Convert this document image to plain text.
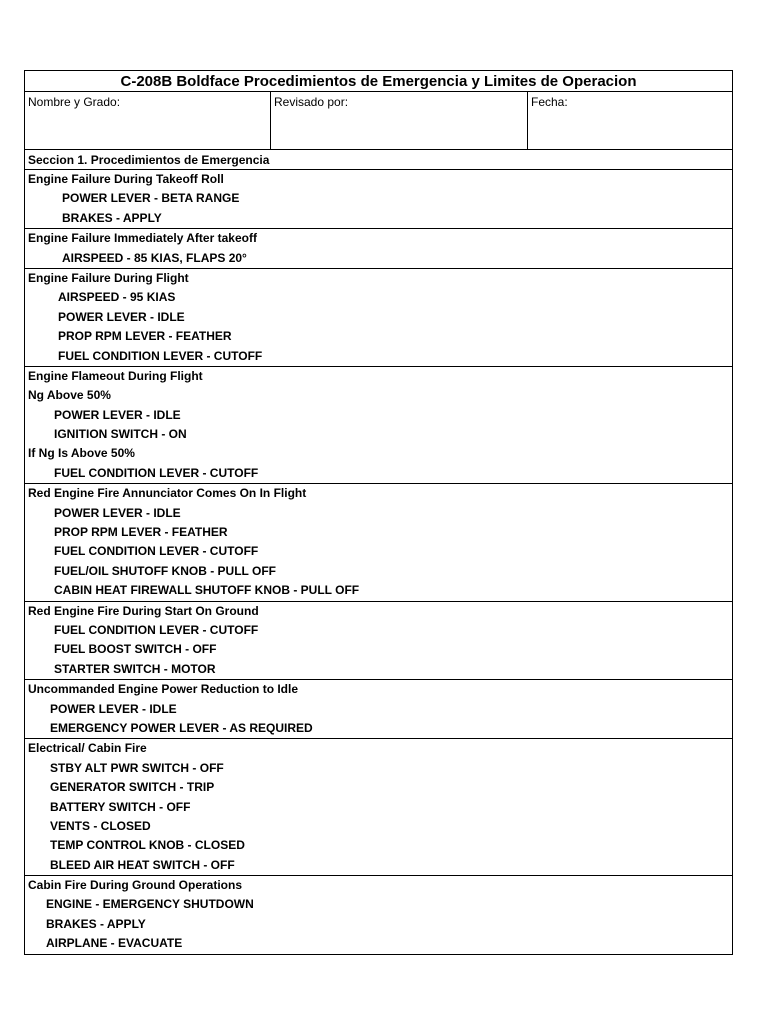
C-208B Boldface Procedimientos de Emergencia y Limites de Operacion
Nombre y Grado:	Revisado por:	Fecha:
Seccion 1. Procedimientos de Emergencia
Engine Failure During Takeoff Roll
POWER LEVER - BETA RANGE
BRAKES - APPLY
Engine Failure Immediately After takeoff
AIRSPEED - 85 KIAS, FLAPS 20°
Engine Failure During Flight
AIRSPEED - 95 KIAS
POWER LEVER - IDLE
PROP RPM LEVER - FEATHER
FUEL CONDITION LEVER - CUTOFF
Engine Flameout During Flight
Ng Above 50%
POWER LEVER - IDLE
IGNITION SWITCH - ON
If Ng Is Above 50%
FUEL CONDITION LEVER - CUTOFF
Red Engine Fire Annunciator Comes On In Flight
POWER LEVER - IDLE
PROP RPM LEVER - FEATHER
FUEL CONDITION LEVER - CUTOFF
FUEL/OIL SHUTOFF KNOB - PULL OFF
CABIN HEAT FIREWALL SHUTOFF KNOB - PULL OFF
Red Engine Fire During Start On Ground
FUEL CONDITION LEVER - CUTOFF
FUEL BOOST SWITCH - OFF
STARTER SWITCH - MOTOR
Uncommanded Engine Power Reduction to Idle
POWER LEVER - IDLE
EMERGENCY POWER LEVER - AS REQUIRED
Electrical/ Cabin Fire
STBY ALT PWR SWITCH - OFF
GENERATOR SWITCH - TRIP
BATTERY SWITCH - OFF
VENTS - CLOSED
TEMP CONTROL KNOB - CLOSED
BLEED AIR HEAT SWITCH - OFF
Cabin Fire During Ground Operations
ENGINE - EMERGENCY SHUTDOWN
BRAKES - APPLY
AIRPLANE - EVACUATE
